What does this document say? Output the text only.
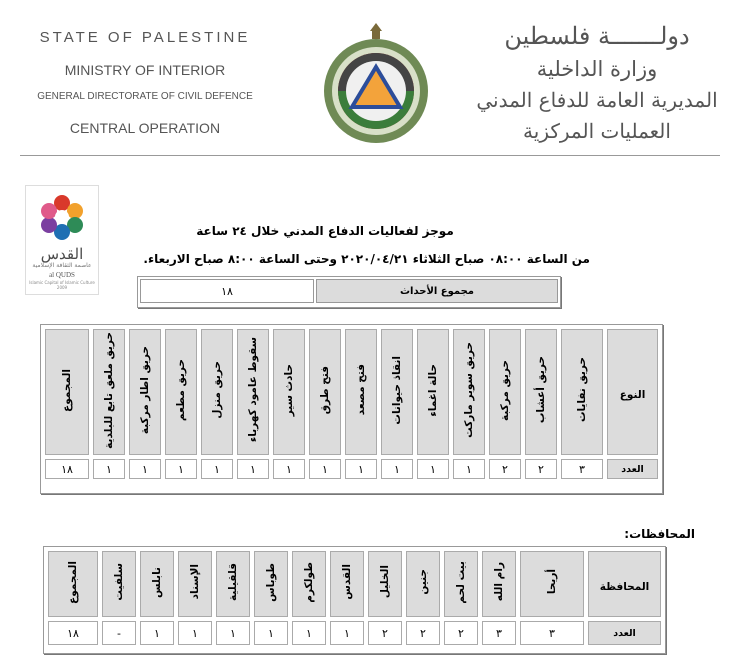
STATE OF PALESTINE
MINISTRY OF INTERIOR
GENERAL DIRECTORATE OF CIVIL DEFENCE
CENTRAL OPERATION
دولـــــــة فلسطين
وزارة الداخلية
المديرية العامة للدفاع المدني
العمليات المركزية
القدس
عاصمة الثقافة الإسلامية
al QUDS
Islamic Capital of Islamic Culture 2009
موجز لفعاليات الدفاع المدني خلال ٢٤ ساعة
من الساعة ٠٨:٠٠ صباح الثلاثاء ٢٠٢٠/٠٤/٢١ وحتى الساعة ٨:٠٠ صباح الاربعاء.
١٨	مجموع الأحداث
المجموع	حريق ملعق تابع للبلدية	حريق اطار مركبة	حريق مطعم	حريق منزل	سقوط عامود كهرباء	حادث سير	فتح طرق	فتح مصعد	انقاذ حيوانات	حالة اغماء	حريق سوبر ماركت	حريق مركبة	حريق أعشاب	حريق نفايات	النوع
١٨	١	١	١	١	١	١	١	١	١	١	١	٢	٢	٣	العدد
المحافظات:
المجموع	سلفيت	نابلس	الإسناد	قلقيلية	طوباس	طولكرم	القدس	الخليل	جنين	بيت لحم	رام الله	أريحا	المحافظة
١٨	-	١	١	١	١	١	١	٢	٢	٢	٣	٣	العدد
